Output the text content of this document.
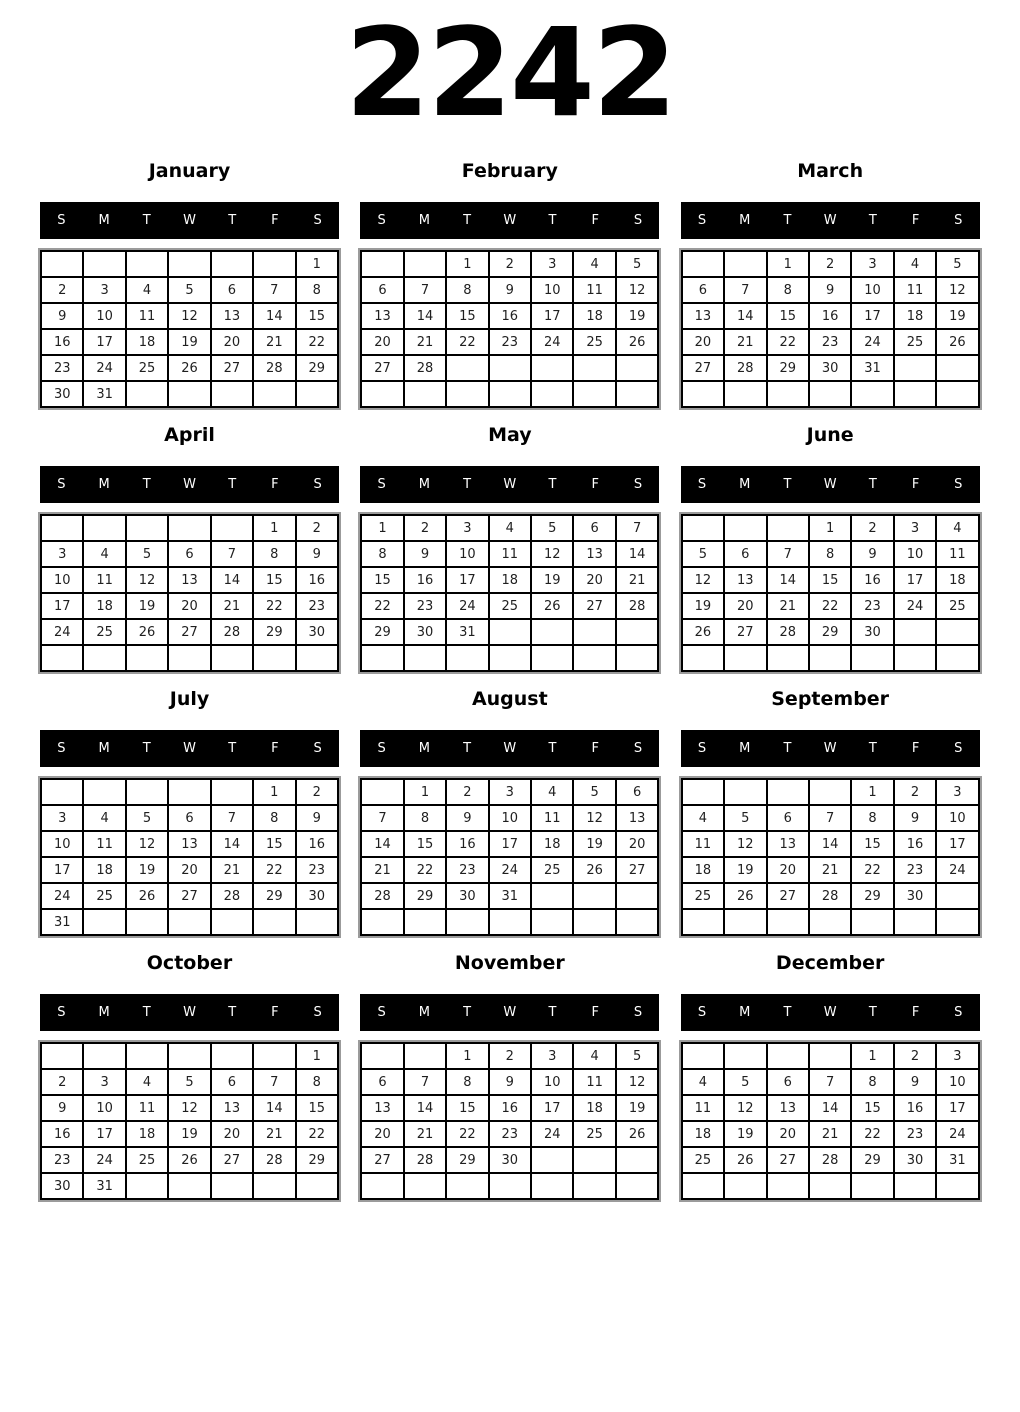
2242
January
S	M	T	W	T	F	S
						1
2	3	4	5	6	7	8
9	10	11	12	13	14	15
16	17	18	19	20	21	22
23	24	25	26	27	28	29
30	31					
February
S	M	T	W	T	F	S
		1	2	3	4	5
6	7	8	9	10	11	12
13	14	15	16	17	18	19
20	21	22	23	24	25	26
27	28					

March
S	M	T	W	T	F	S
		1	2	3	4	5
6	7	8	9	10	11	12
13	14	15	16	17	18	19
20	21	22	23	24	25	26
27	28	29	30	31		

April
S	M	T	W	T	F	S
					1	2
3	4	5	6	7	8	9
10	11	12	13	14	15	16
17	18	19	20	21	22	23
24	25	26	27	28	29	30

May
S	M	T	W	T	F	S
1	2	3	4	5	6	7
8	9	10	11	12	13	14
15	16	17	18	19	20	21
22	23	24	25	26	27	28
29	30	31				

June
S	M	T	W	T	F	S
			1	2	3	4
5	6	7	8	9	10	11
12	13	14	15	16	17	18
19	20	21	22	23	24	25
26	27	28	29	30		

July
S	M	T	W	T	F	S
					1	2
3	4	5	6	7	8	9
10	11	12	13	14	15	16
17	18	19	20	21	22	23
24	25	26	27	28	29	30
31						
August
S	M	T	W	T	F	S
	1	2	3	4	5	6
7	8	9	10	11	12	13
14	15	16	17	18	19	20
21	22	23	24	25	26	27
28	29	30	31			

September
S	M	T	W	T	F	S
				1	2	3
4	5	6	7	8	9	10
11	12	13	14	15	16	17
18	19	20	21	22	23	24
25	26	27	28	29	30	

October
S	M	T	W	T	F	S
						1
2	3	4	5	6	7	8
9	10	11	12	13	14	15
16	17	18	19	20	21	22
23	24	25	26	27	28	29
30	31					
November
S	M	T	W	T	F	S
		1	2	3	4	5
6	7	8	9	10	11	12
13	14	15	16	17	18	19
20	21	22	23	24	25	26
27	28	29	30			

December
S	M	T	W	T	F	S
				1	2	3
4	5	6	7	8	9	10
11	12	13	14	15	16	17
18	19	20	21	22	23	24
25	26	27	28	29	30	31
